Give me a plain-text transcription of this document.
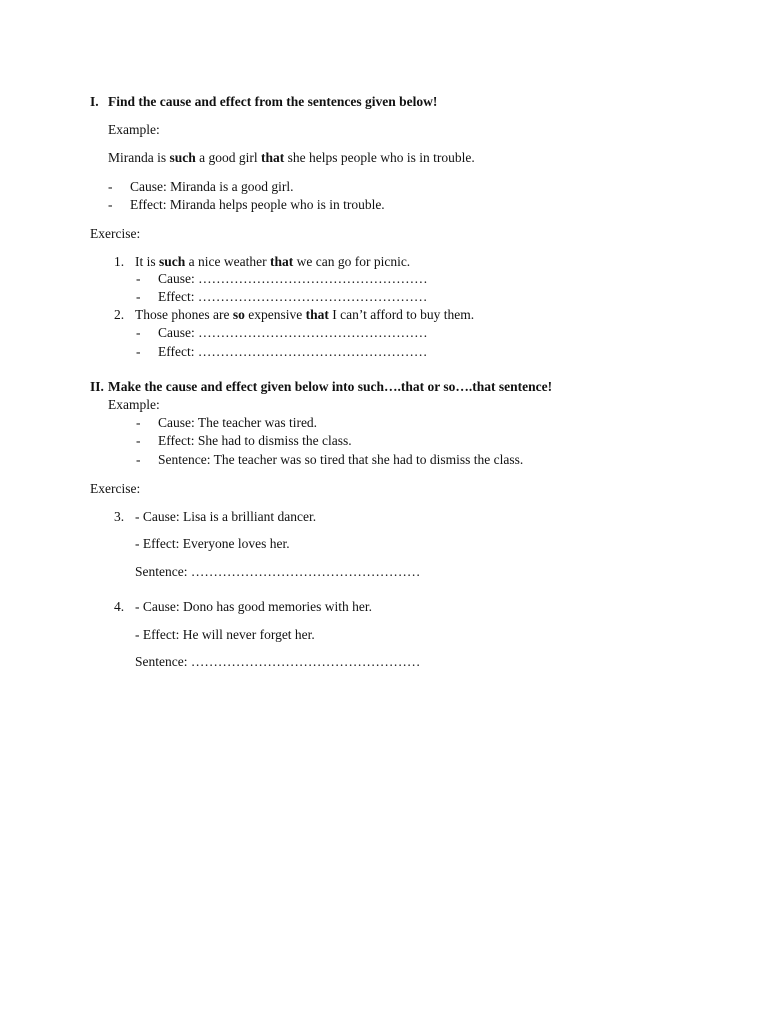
I. Find the cause and effect from the sentences given below!
Example:
Miranda is such a good girl that she helps people who is in trouble.
- Cause: Miranda is a good girl.
- Effect: Miranda helps people who is in trouble.
Exercise:
1. It is such a nice weather that we can go for picnic.
- Cause: ……………………………………………
- Effect: ……………………………………………
2. Those phones are so expensive that I can’t afford to buy them.
- Cause: ……………………………………………
- Effect: ……………………………………………
II. Make the cause and effect given below into such….that or so….that sentence!
Example:
- Cause: The teacher was tired.
- Effect: She had to dismiss the class.
- Sentence: The teacher was so tired that she had to dismiss the class.
Exercise:
3. - Cause: Lisa is a brilliant dancer.
- Effect: Everyone loves her.
Sentence: ……………………………………………
4. - Cause: Dono has good memories with her.
- Effect: He will never forget her.
Sentence: ……………………………………………
